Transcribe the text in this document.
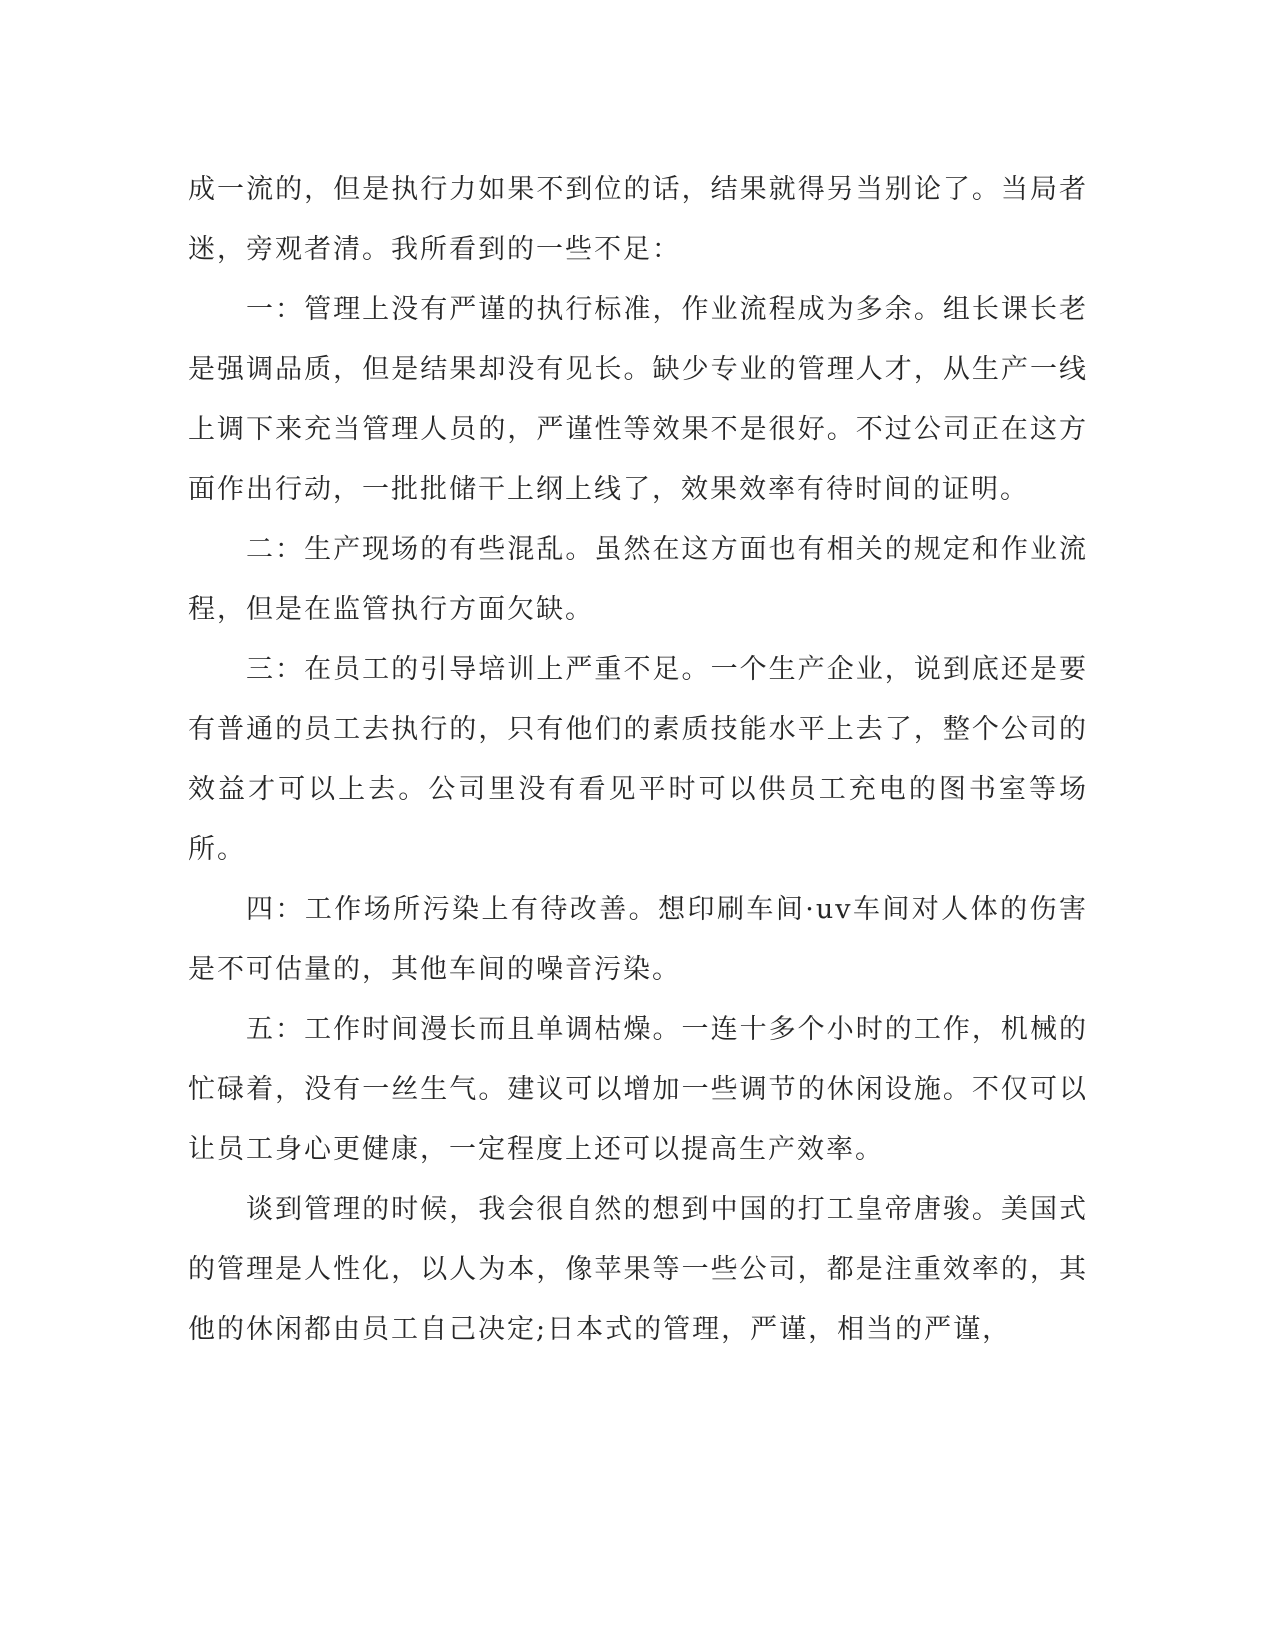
成一流的，但是执行力如果不到位的话，结果就得另当别论了。当局者迷，旁观者清。我所看到的一些不足：

一：管理上没有严谨的执行标准，作业流程成为多余。组长课长老是强调品质，但是结果却没有见长。缺少专业的管理人才，从生产一线上调下来充当管理人员的，严谨性等效果不是很好。不过公司正在这方面作出行动，一批批储干上纲上线了，效果效率有待时间的证明。

二：生产现场的有些混乱。虽然在这方面也有相关的规定和作业流程，但是在监管执行方面欠缺。

三：在员工的引导培训上严重不足。一个生产企业，说到底还是要有普通的员工去执行的，只有他们的素质技能水平上去了，整个公司的效益才可以上去。公司里没有看见平时可以供员工充电的图书室等场所。

四：工作场所污染上有待改善。想印刷车间·uv车间对人体的伤害是不可估量的，其他车间的噪音污染。

五：工作时间漫长而且单调枯燥。一连十多个小时的工作，机械的忙碌着，没有一丝生气。建议可以增加一些调节的休闲设施。不仅可以让员工身心更健康，一定程度上还可以提高生产效率。

谈到管理的时候，我会很自然的想到中国的打工皇帝唐骏。美国式的管理是人性化，以人为本，像苹果等一些公司，都是注重效率的，其他的休闲都由员工自己决定;日本式的管理，严谨，相当的严谨，
